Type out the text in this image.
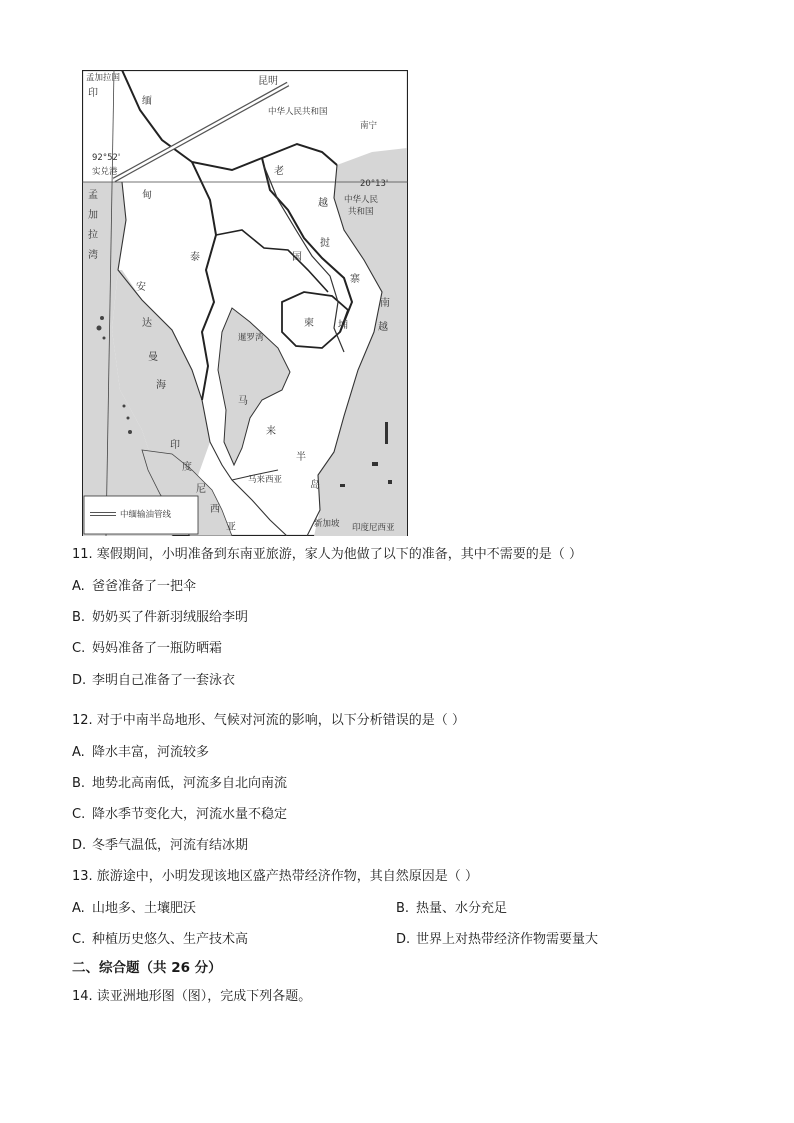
孟加拉国
印
缅
甸
昆明
中华人民共和国
南宁
92°52'
实兑港
20°13'
老
中华人民
共和国
孟
加
拉
湾
安
达
曼
海
泰	国
挝
越
南
柬 埔
寨
越
暹罗湾
马
来
半
岛
马来西亚
印
度
尼
西
亚	新加坡
中缅输油管线
印度尼西亚
11. 寒假期间，小明准备到东南亚旅游，家人为他做了以下的准备，其中不需要的是（ ）
A. 爸爸准备了一把伞
B. 奶奶买了件新羽绒服给李明
C. 妈妈准备了一瓶防晒霜
D. 李明自己准备了一套泳衣
12. 对于中南半岛地形、气候对河流的影响，以下分析错误的是（ ）
A. 降水丰富，河流较多
B. 地势北高南低，河流多自北向南流
C. 降水季节变化大，河流水量不稳定
D. 冬季气温低，河流有结冰期
13. 旅游途中，小明发现该地区盛产热带经济作物，其自然原因是（ ）
A. 山地多、土壤肥沃	B. 热量、水分充足
C. 种植历史悠久、生产技术高	D. 世界上对热带经济作物需要量大
二、综合题（共 26 分）
14. 读亚洲地形图（图），完成下列各题。
